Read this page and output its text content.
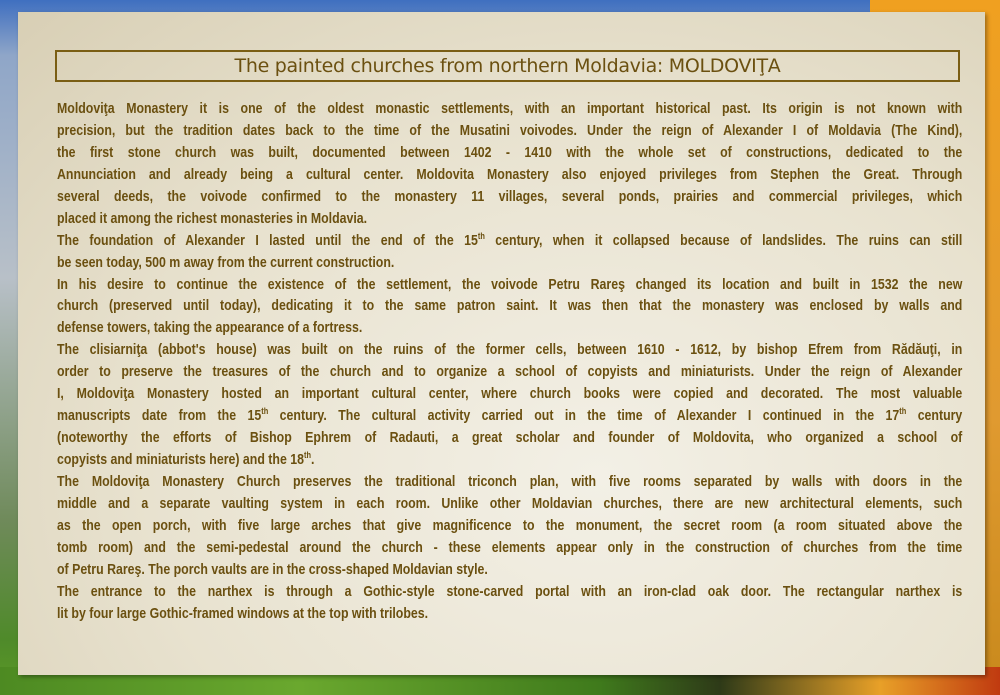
The painted churches from northern Moldavia: MOLDOVIŢA
Moldoviţa Monastery it is one of the oldest monastic settlements, with an important historical past. Its origin is not known with
precision, but the tradition dates back to the time of the Musatini voivodes. Under the reign of Alexander I of Moldavia (The Kind),
the first stone church was built, documented between 1402 - 1410 with the whole set of constructions, dedicated to the
Annunciation and already being a cultural center. Moldovita Monastery also enjoyed privileges from Stephen the Great. Through
several deeds, the voivode confirmed to the monastery 11 villages, several ponds, prairies and commercial privileges, which
placed it among the richest monasteries in Moldavia.
The foundation of Alexander I lasted until the end of the 15th century, when it collapsed because of landslides. The ruins can still
be seen today, 500 m away from the current construction.
In his desire to continue the existence of the settlement, the voivode Petru Rareş changed its location and built in 1532 the new
church (preserved until today), dedicating it to the same patron saint. It was then that the monastery was enclosed by walls and
defense towers, taking the appearance of a fortress.
The clisiarniţa (abbot's house) was built on the ruins of the former cells, between 1610 - 1612, by bishop Efrem from Rădăuţi, in
order to preserve the treasures of the church and to organize a school of copyists and miniaturists. Under the reign of Alexander
I, Moldoviţa Monastery hosted an important cultural center, where church books were copied and decorated. The most valuable
manuscripts date from the 15th century. The cultural activity carried out in the time of Alexander I continued in the 17th century
(noteworthy the efforts of Bishop Ephrem of Radauti, a great scholar and founder of Moldovita, who organized a school of
copyists and miniaturists here) and the 18th.
The Moldoviţa Monastery Church preserves the traditional triconch plan, with five rooms separated by walls with doors in the
middle and a separate vaulting system in each room. Unlike other Moldavian churches, there are new architectural elements, such
as the open porch, with five large arches that give magnificence to the monument, the secret room (a room situated above the
tomb room) and the semi-pedestal around the church - these elements appear only in the construction of churches from the time
of Petru Rareş. The porch vaults are in the cross-shaped Moldavian style.
The entrance to the narthex is through a Gothic-style stone-carved portal with an iron-clad oak door. The rectangular narthex is
lit by four large Gothic-framed windows at the top with trilobes.
